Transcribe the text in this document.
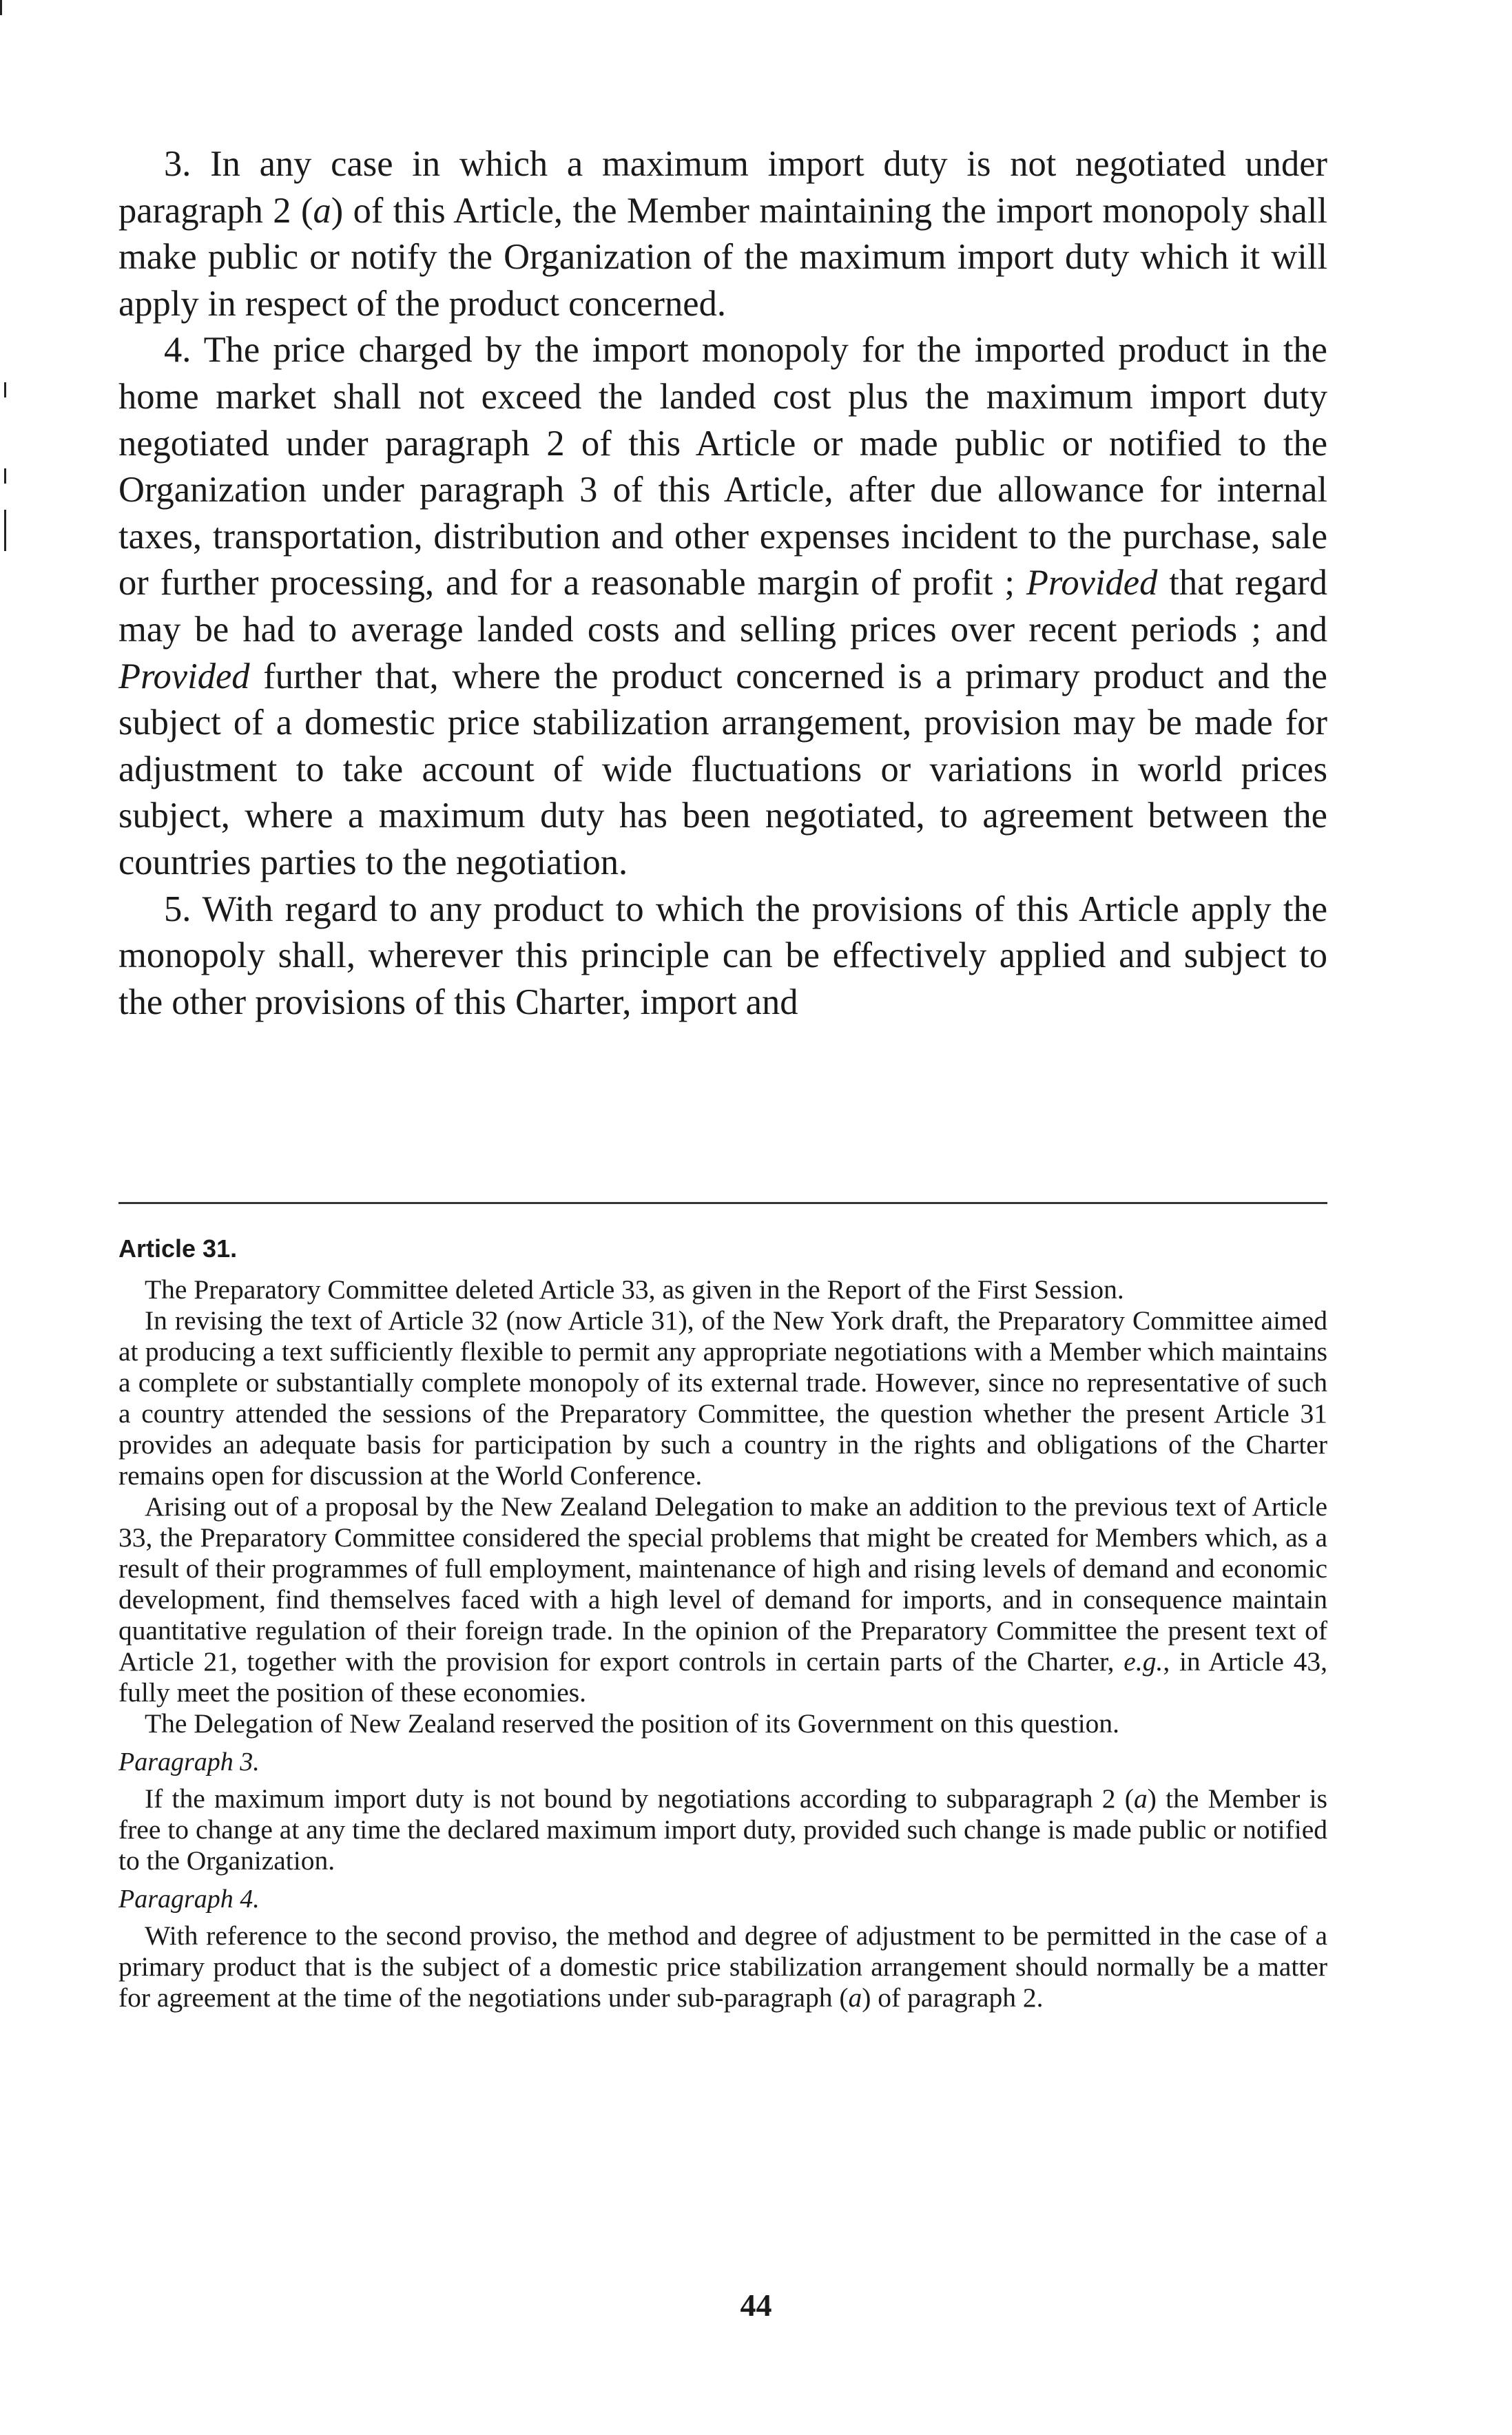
3. In any case in which a maximum import duty is not negotiated under paragraph 2 (a) of this Article, the Member maintaining the import monopoly shall make public or notify the Organization of the maximum import duty which it will apply in respect of the product concerned.

4. The price charged by the import monopoly for the imported product in the home market shall not exceed the landed cost plus the maximum import duty negotiated under paragraph 2 of this Article or made public or notified to the Organization under paragraph 3 of this Article, after due allowance for internal taxes, transportation, distribution and other expenses incident to the purchase, sale or further processing, and for a reasonable margin of profit ; Provided that regard may be had to average landed costs and selling prices over recent periods ; and Provided further that, where the product concerned is a primary product and the subject of a domestic price stabilization arrangement, provision may be made for adjustment to take account of wide fluctuations or variations in world prices subject, where a maximum duty has been negotiated, to agreement between the countries parties to the negotiation.

5. With regard to any product to which the provisions of this Article apply the monopoly shall, wherever this principle can be effectively applied and subject to the other provisions of this Charter, import and

Article 31.

The Preparatory Committee deleted Article 33, as given in the Report of the First Session.

In revising the text of Article 32 (now Article 31), of the New York draft, the Preparatory Committee aimed at producing a text sufficiently flexible to permit any appropriate negotiations with a Member which maintains a complete or substantially complete monopoly of its external trade. However, since no representative of such a country attended the sessions of the Preparatory Committee, the question whether the present Article 31 provides an adequate basis for participation by such a country in the rights and obligations of the Charter remains open for discussion at the World Conference.

Arising out of a proposal by the New Zealand Delegation to make an addition to the previous text of Article 33, the Preparatory Committee considered the special problems that might be created for Members which, as a result of their programmes of full employment, maintenance of high and rising levels of demand and economic development, find themselves faced with a high level of demand for imports, and in consequence maintain quantitative regulation of their foreign trade. In the opinion of the Preparatory Committee the present text of Article 21, together with the provision for export controls in certain parts of the Charter, e.g., in Article 43, fully meet the position of these economies.

The Delegation of New Zealand reserved the position of its Government on this question.

Paragraph 3.

If the maximum import duty is not bound by negotiations according to subparagraph 2 (a) the Member is free to change at any time the declared maximum import duty, provided such change is made public or notified to the Organization.

Paragraph 4.

With reference to the second proviso, the method and degree of adjustment to be permitted in the case of a primary product that is the subject of a domestic price stabilization arrangement should normally be a matter for agreement at the time of the negotiations under sub-paragraph (a) of paragraph 2.

44
